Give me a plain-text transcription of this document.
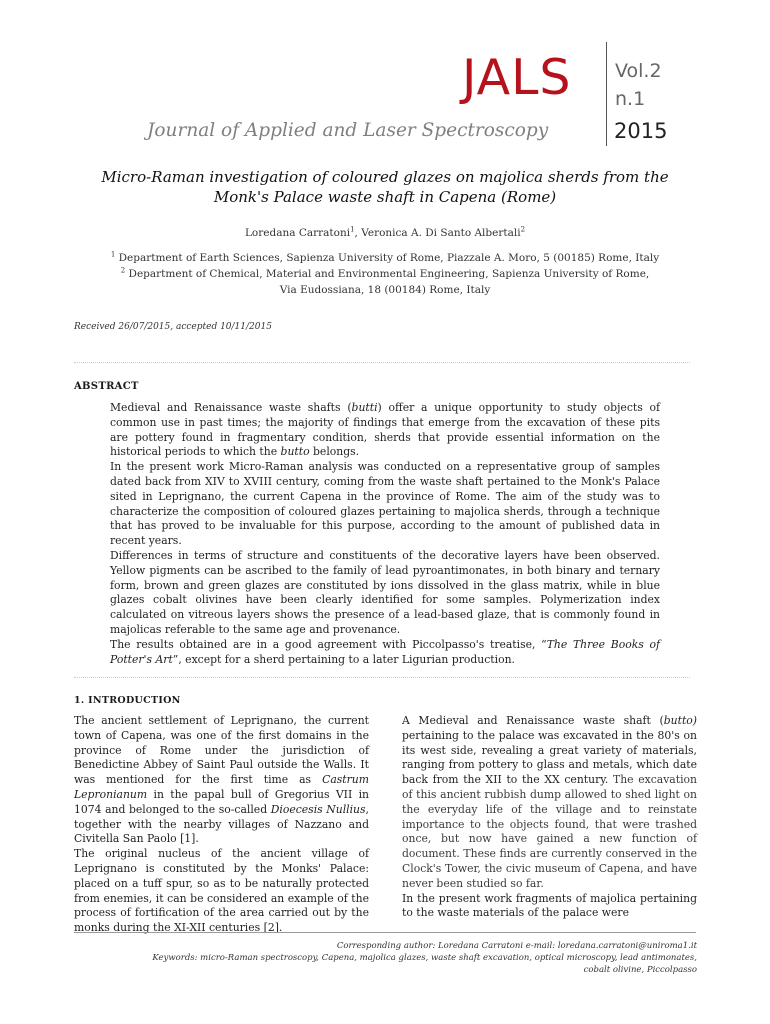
JALS Vol.2
n.1
2015
Journal of Applied and Laser Spectroscopy
Micro-Raman investigation of coloured glazes on majolica sherds from the
Monk's Palace waste shaft in Capena (Rome)
Loredana Carratoni$^1$, Veronica A. Di Santo Albertali$^2$
$^1$ Department of Earth Sciences, Sapienza University of Rome, Piazzale A. Moro, 5 (00185) Rome, Italy
$^2$ Department of Chemical, Material and Environmental Engineering, Sapienza University of Rome,
Via Eudossiana, 18 (00184) Rome, Italy
Received 26/07/2015, accepted 10/11/2015
ABSTRACT

Medieval and Renaissance waste shafts (butti) offer a unique opportunity to study objects of common use in past times; the majority of findings that emerge from the excavation of these pits are pottery found in fragmentary condition, sherds that provide essential information on the historical periods to which the butto belongs.

In the present work Micro-Raman analysis was conducted on a representative group of samples dated back from XIV to XVIII century, coming from the waste shaft pertained to the Monk's Palace sited in Leprignano, the current Capena in the province of Rome. The aim of the study was to characterize the composition of coloured glazes pertaining to majolica sherds, through a technique that has proved to be invaluable for this purpose, according to the amount of published data in recent years.

Differences in terms of structure and constituents of the decorative layers have been observed. Yellow pigments can be ascribed to the family of lead pyroantimonates, in both binary and ternary form, brown and green glazes are constituted by ions dissolved in the glass matrix, while in blue glazes cobalt olivines have been clearly identified for some samples. Polymerization index calculated on vitreous layers shows the presence of a lead-based glaze, that is commonly found in majolicas referable to the same age and provenance.

The results obtained are in a good agreement with Piccolpasso's treatise, “The Three Books of Potter's Art”, except for a sherd pertaining to a later Ligurian production.

1. INTRODUCTION

The ancient settlement of Leprignano, the current town of Capena, was one of the first domains in the province of Rome under the jurisdiction of Benedictine Abbey of Saint Paul outside the Walls. It was mentioned for the first time as Castrum Lepronianum in the papal bull of Gregorius VII in 1074 and belonged to the so-called Dioecesis Nullius, together with the nearby villages of Nazzano and Civitella San Paolo [1].

The original nucleus of the ancient village of Leprignano is constituted by the Monks' Palace: placed on a tuff spur, so as to be naturally protected from enemies, it can be considered an example of the process of fortification of the area carried out by the monks during the XI-XII centuries [2].

A Medieval and Renaissance waste shaft (butto) pertaining to the palace was excavated in the 80's on its west side, revealing a great variety of materials, ranging from pottery to glass and metals, which date back from the XII to the XX century. The excavation of this ancient rubbish dump allowed to shed light on the everyday life of the village and to reinstate importance to the objects found, that were trashed once, but now have gained a new function of document. These finds are currently conserved in the Clock's Tower, the civic museum of Capena, and have never been studied so far.

In the present work fragments of majolica pertaining to the waste materials of the palace were

Corresponding author: Loredana Carratoni e-mail: loredana.carratoni@uniroma1.it
Keywords: micro-Raman spectroscopy, Capena, majolica glazes, waste shaft excavation, optical microscopy, lead antimonates,
cobalt olivine, Piccolpasso
